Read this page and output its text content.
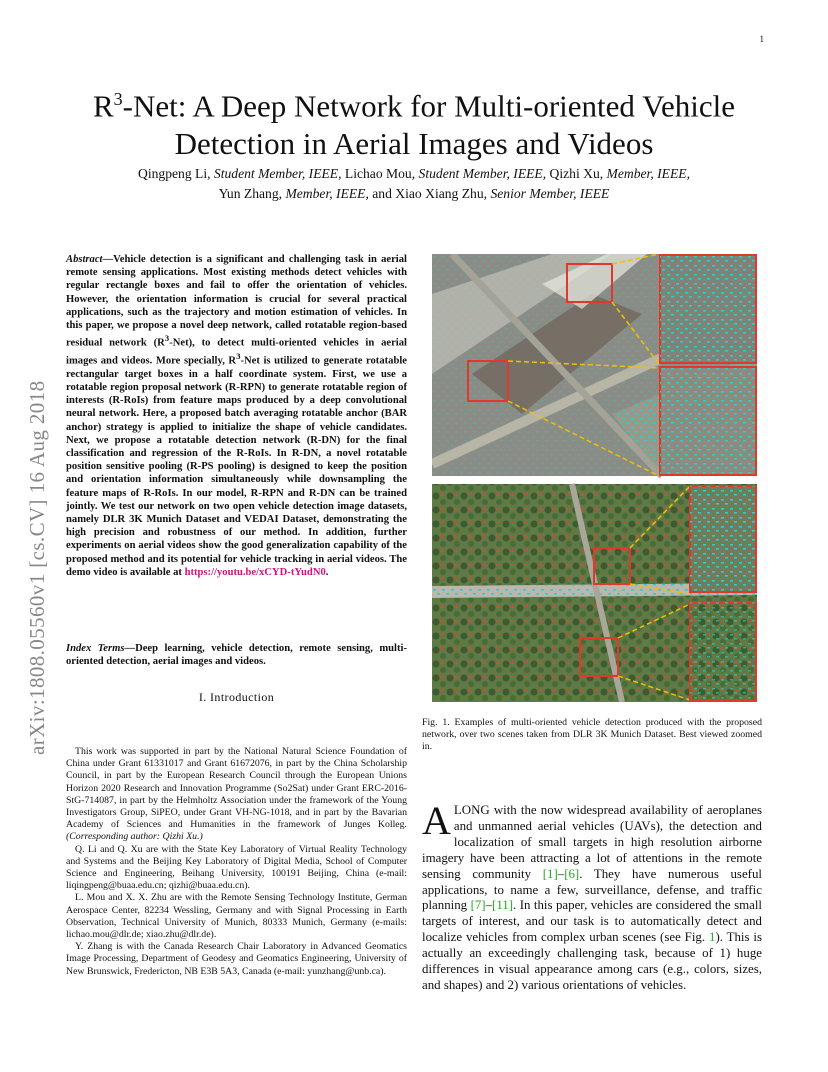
1
arXiv:1808.05560v1 [cs.CV] 16 Aug 2018
$R^3$-Net: A Deep Network for Multi-oriented Vehicle
Detection in Aerial Images and Videos
Qingpeng Li, Student Member, IEEE, Lichao Mou, Student Member, IEEE, Qizhi Xu, Member, IEEE,
Yun Zhang, Member, IEEE, and Xiao Xiang Zhu, Senior Member, IEEE
Abstract—Vehicle detection is a significant and challenging task in aerial remote sensing applications. Most existing methods detect vehicles with regular rectangle boxes and fail to offer the orientation of vehicles. However, the orientation information is crucial for several practical applications, such as the trajectory and motion estimation of vehicles. In this paper, we propose a novel deep network, called rotatable region-based residual network $(R^3-Net)$, to detect multi-oriented vehicles in aerial images and videos. More specially, $R^3$-Net is utilized to generate rotatable rectangular target boxes in a half coordinate system. First, we use a rotatable region proposal network (R-RPN) to generate rotatable region of interests (R-RoIs) from feature maps produced by a deep convolutional neural network. Here, a proposed batch averaging rotatable anchor (BAR anchor) strategy is applied to initialize the shape of vehicle candidates. Next, we propose a rotatable detection network (R-DN) for the final classification and regression of the R-RoIs. In R-DN, a novel rotatable position sensitive pooling (R-PS pooling) is designed to keep the position and orientation information simultaneously while downsampling the feature maps of R-RoIs. In our model, R-RPN and R-DN can be trained jointly. We test our network on two open vehicle detection image datasets, namely DLR 3K Munich Dataset and VEDAI Dataset, demonstrating the high precision and robustness of our method. In addition, further experiments on aerial videos show the good generalization capability of the proposed method and its potential for vehicle tracking in aerial videos. The demo video is available at https://youtu.be/xCYD-tYudN0.
Index Terms—Deep learning, vehicle detection, remote sensing, multi-oriented detection, aerial images and videos.
I. Introduction

This work was supported in part by the National Natural Science Foundation of China under Grant 61331017 and Grant 61672076, in part by the China Scholarship Council, in part by the European Research Council through the European Unions Horizon 2020 Research and Innovation Programme (So2Sat) under Grant ERC-2016-StG-714087, in part by the Helmholtz Association under the framework of the Young Investigators Group, SiPEO, under Grant VH-NG-1018, and in part by the Bavarian Academy of Sciences and Humanities in the framework of Junges Kolleg. (Corresponding author: Qizhi Xu.)

Q. Li and Q. Xu are with the State Key Laboratory of Virtual Reality Technology and Systems and the Beijing Key Laboratory of Digital Media, School of Computer Science and Engineering, Beihang University, 100191 Beijing, China (e-mail: liqingpeng@buaa.edu.cn; qizhi@buaa.edu.cn).

L. Mou and X. X. Zhu are with the Remote Sensing Technology Institute, German Aerospace Center, 82234 Wessling, Germany and with Signal Processing in Earth Observation, Technical University of Munich, 80333 Munich, Germany (e-mails: lichao.mou@dlr.de; xiao.zhu@dlr.de).

Y. Zhang is with the Canada Research Chair Laboratory in Advanced Geomatics Image Processing, Department of Geodesy and Geomatics Engineering, University of New Brunswick, Fredericton, NB E3B 5A3, Canada (e-mail: yunzhang@unb.ca).

Fig. 1. Examples of multi-oriented vehicle detection produced with the proposed network, over two scenes taken from DLR 3K Munich Dataset. Best viewed zoomed in.
ALONG with the now widespread availability of aeroplanes and unmanned aerial vehicles (UAVs), the detection and localization of small targets in high resolution airborne imagery have been attracting a lot of attentions in the remote sensing community [1]–[6]. They have numerous useful applications, to name a few, surveillance, defense, and traffic planning [7]–[11]. In this paper, vehicles are considered the small targets of interest, and our task is to automatically detect and localize vehicles from complex urban scenes (see Fig. 1). This is actually an exceedingly challenging task, because of 1) huge differences in visual appearance among cars (e.g., colors, sizes, and shapes) and 2) various orientations of vehicles.
